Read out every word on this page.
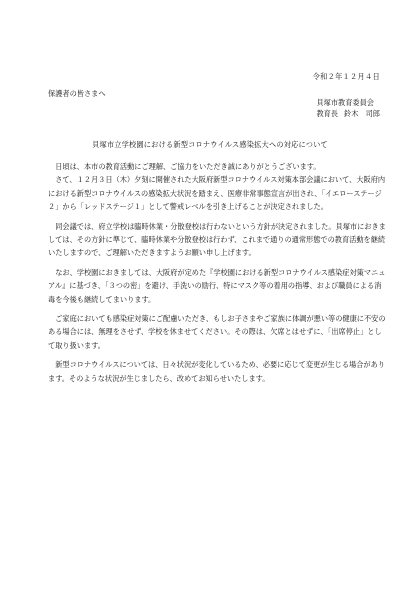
令和２年１２月４日
保護者の皆さまへ
貝塚市教育委員会
教育長 鈴木　司郎
貝塚市立学校園における新型コロナウイルス感染拡大への対応について

日頃は、本市の教育活動にご理解、ご協力をいただき誠にありがとうございます。

さて、１２月３日（木）夕刻に開催された大阪府新型コロナウイルス対策本部会議において、大阪府内における新型コロナウイルスの感染拡大状況を踏まえ、医療非常事態宣言が出され、「イエローステージ２」から「レッドステージ１」として警戒レベルを引き上げることが決定されました。

同会議では、府立学校は臨時休業・分散登校は行わないという方針が決定されました。貝塚市におきましては、その方針に準じて、臨時休業や分散登校は行わず、これまで通りの通常形態での教育活動を継続いたしますので、ご理解いただきますようお願い申し上げます。

なお、学校園におきましては、大阪府が定めた『学校園における新型コロナウイルス感染症対策マニュアル』に基づき、「３つの密」を避け、手洗いの励行、特にマスク等の着用の指導、および職員による消毒を今後も継続してまいります。

ご家庭においても感染症対策にご配慮いただき、もしお子さまやご家族に体調が悪い等の健康に不安のある場合には、無理をさせず、学校を休ませてください。その際は、欠席とはせずに、「出席停止」として取り扱います。

新型コロナウイルスについては、日々状況が変化しているため、必要に応じて変更が生じる場合があります。そのような状況が生じましたら、改めてお知らせいたします。
